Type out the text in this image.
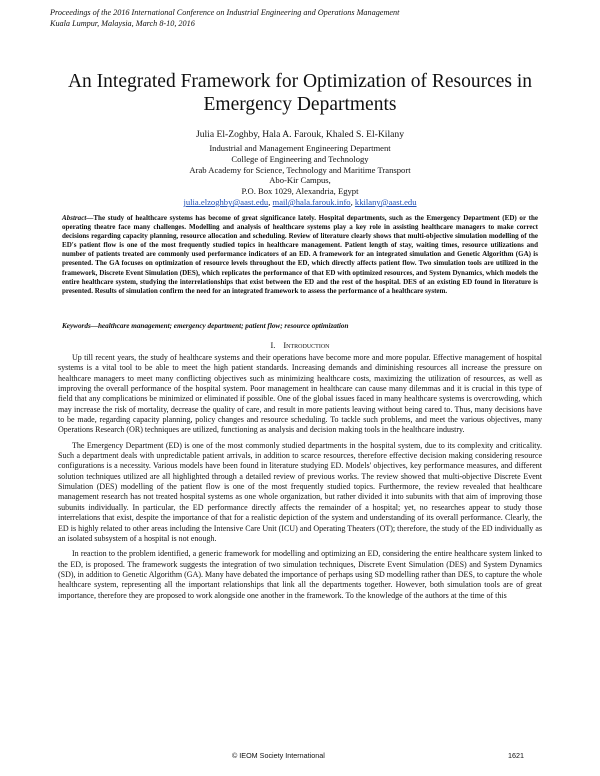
Proceedings of the 2016 International Conference on Industrial Engineering and Operations Management
Kuala Lumpur, Malaysia, March 8-10, 2016
An Integrated Framework for Optimization of Resources in
Emergency Departments
Julia El-Zoghby, Hala A. Farouk, Khaled S. El-Kilany
Industrial and Management Engineering Department
College of Engineering and Technology
Arab Academy for Science, Technology and Maritime Transport
Abo-Kir Campus,
P.O. Box 1029, Alexandria, Egypt
julia.elzoghby@aast.edu, mail@hala.farouk.info, kkilany@aast.edu
Abstract—The study of healthcare systems has become of great significance lately. Hospital departments, such as the Emergency Department (ED) or the operating theatre face many challenges. Modelling and analysis of healthcare systems play a key role in assisting healthcare managers to make correct decisions regarding capacity planning, resource allocation and scheduling. Review of literature clearly shows that multi-objective simulation modelling of the ED's patient flow is one of the most frequently studied topics in healthcare management. Patient length of stay, waiting times, resource utilizations and number of patients treated are commonly used performance indicators of an ED. A framework for an integrated simulation and Genetic Algorithm (GA) is presented. The GA focuses on optimization of resource levels throughout the ED, which directly affects patient flow. Two simulation tools are utilized in the framework, Discrete Event Simulation (DES), which replicates the performance of that ED with optimized resources, and System Dynamics, which models the entire healthcare system, studying the interrelationships that exist between the ED and the rest of the hospital. DES of an existing ED found in literature is presented. Results of simulation confirm the need for an integrated framework to assess the performance of a healthcare system.
Keywords—healthcare management; emergency department; patient flow; resource optimization
I. Introduction

Up till recent years, the study of healthcare systems and their operations have become more and more popular. Effective management of hospital systems is a vital tool to be able to meet the high patient standards. Increasing demands and diminishing resources all increase the pressure on healthcare managers to meet many conflicting objectives such as minimizing healthcare costs, maximizing the utilization of resources, as well as improving the overall performance of the hospital system. Poor management in healthcare can cause many dilemmas and it is crucial in this type of field that any complications be minimized or eliminated if possible. One of the global issues faced in many healthcare systems is overcrowding, which may increase the risk of mortality, decrease the quality of care, and result in more patients leaving without being cared to. Thus, many decisions have to be made, regarding capacity planning, policy changes and resource scheduling. To tackle such problems, and meet the various objectives, many Operations Research (OR) techniques are utilized, functioning as analysis and decision making tools in the healthcare industry.

The Emergency Department (ED) is one of the most commonly studied departments in the hospital system, due to its complexity and criticality. Such a department deals with unpredictable patient arrivals, in addition to scarce resources, therefore effective decision making considering resource configurations is a necessity. Various models have been found in literature studying ED. Models' objectives, key performance measures, and different solution techniques utilized are all highlighted through a detailed review of previous works. The review showed that multi-objective Discrete Event Simulation (DES) modelling of the patient flow is one of the most frequently studied topics. Furthermore, the review revealed that healthcare management research has not treated hospital systems as one whole organization, but rather divided it into subunits with that aim of improving those subunits individually. In particular, the ED performance directly affects the remainder of a hospital; yet, no researches appear to study those interrelations that exist, despite the importance of that for a realistic depiction of the system and understanding of its overall performance. Clearly, the ED is highly related to other areas including the Intensive Care Unit (ICU) and Operating Theaters (OT); therefore, the study of the ED individually as an isolated subsystem of a hospital is not enough.

In reaction to the problem identified, a generic framework for modelling and optimizing an ED, considering the entire healthcare system linked to the ED, is proposed. The framework suggests the integration of two simulation techniques, Discrete Event Simulation (DES) and System Dynamics (SD), in addition to Genetic Algorithm (GA). Many have debated the importance of perhaps using SD modelling rather than DES, to capture the whole healthcare system, representing all the important relationships that link all the departments together. However, both simulation tools are of great importance, therefore they are proposed to work alongside one another in the framework. To the knowledge of the authors at the time of this

© IEOM Society International	1621
